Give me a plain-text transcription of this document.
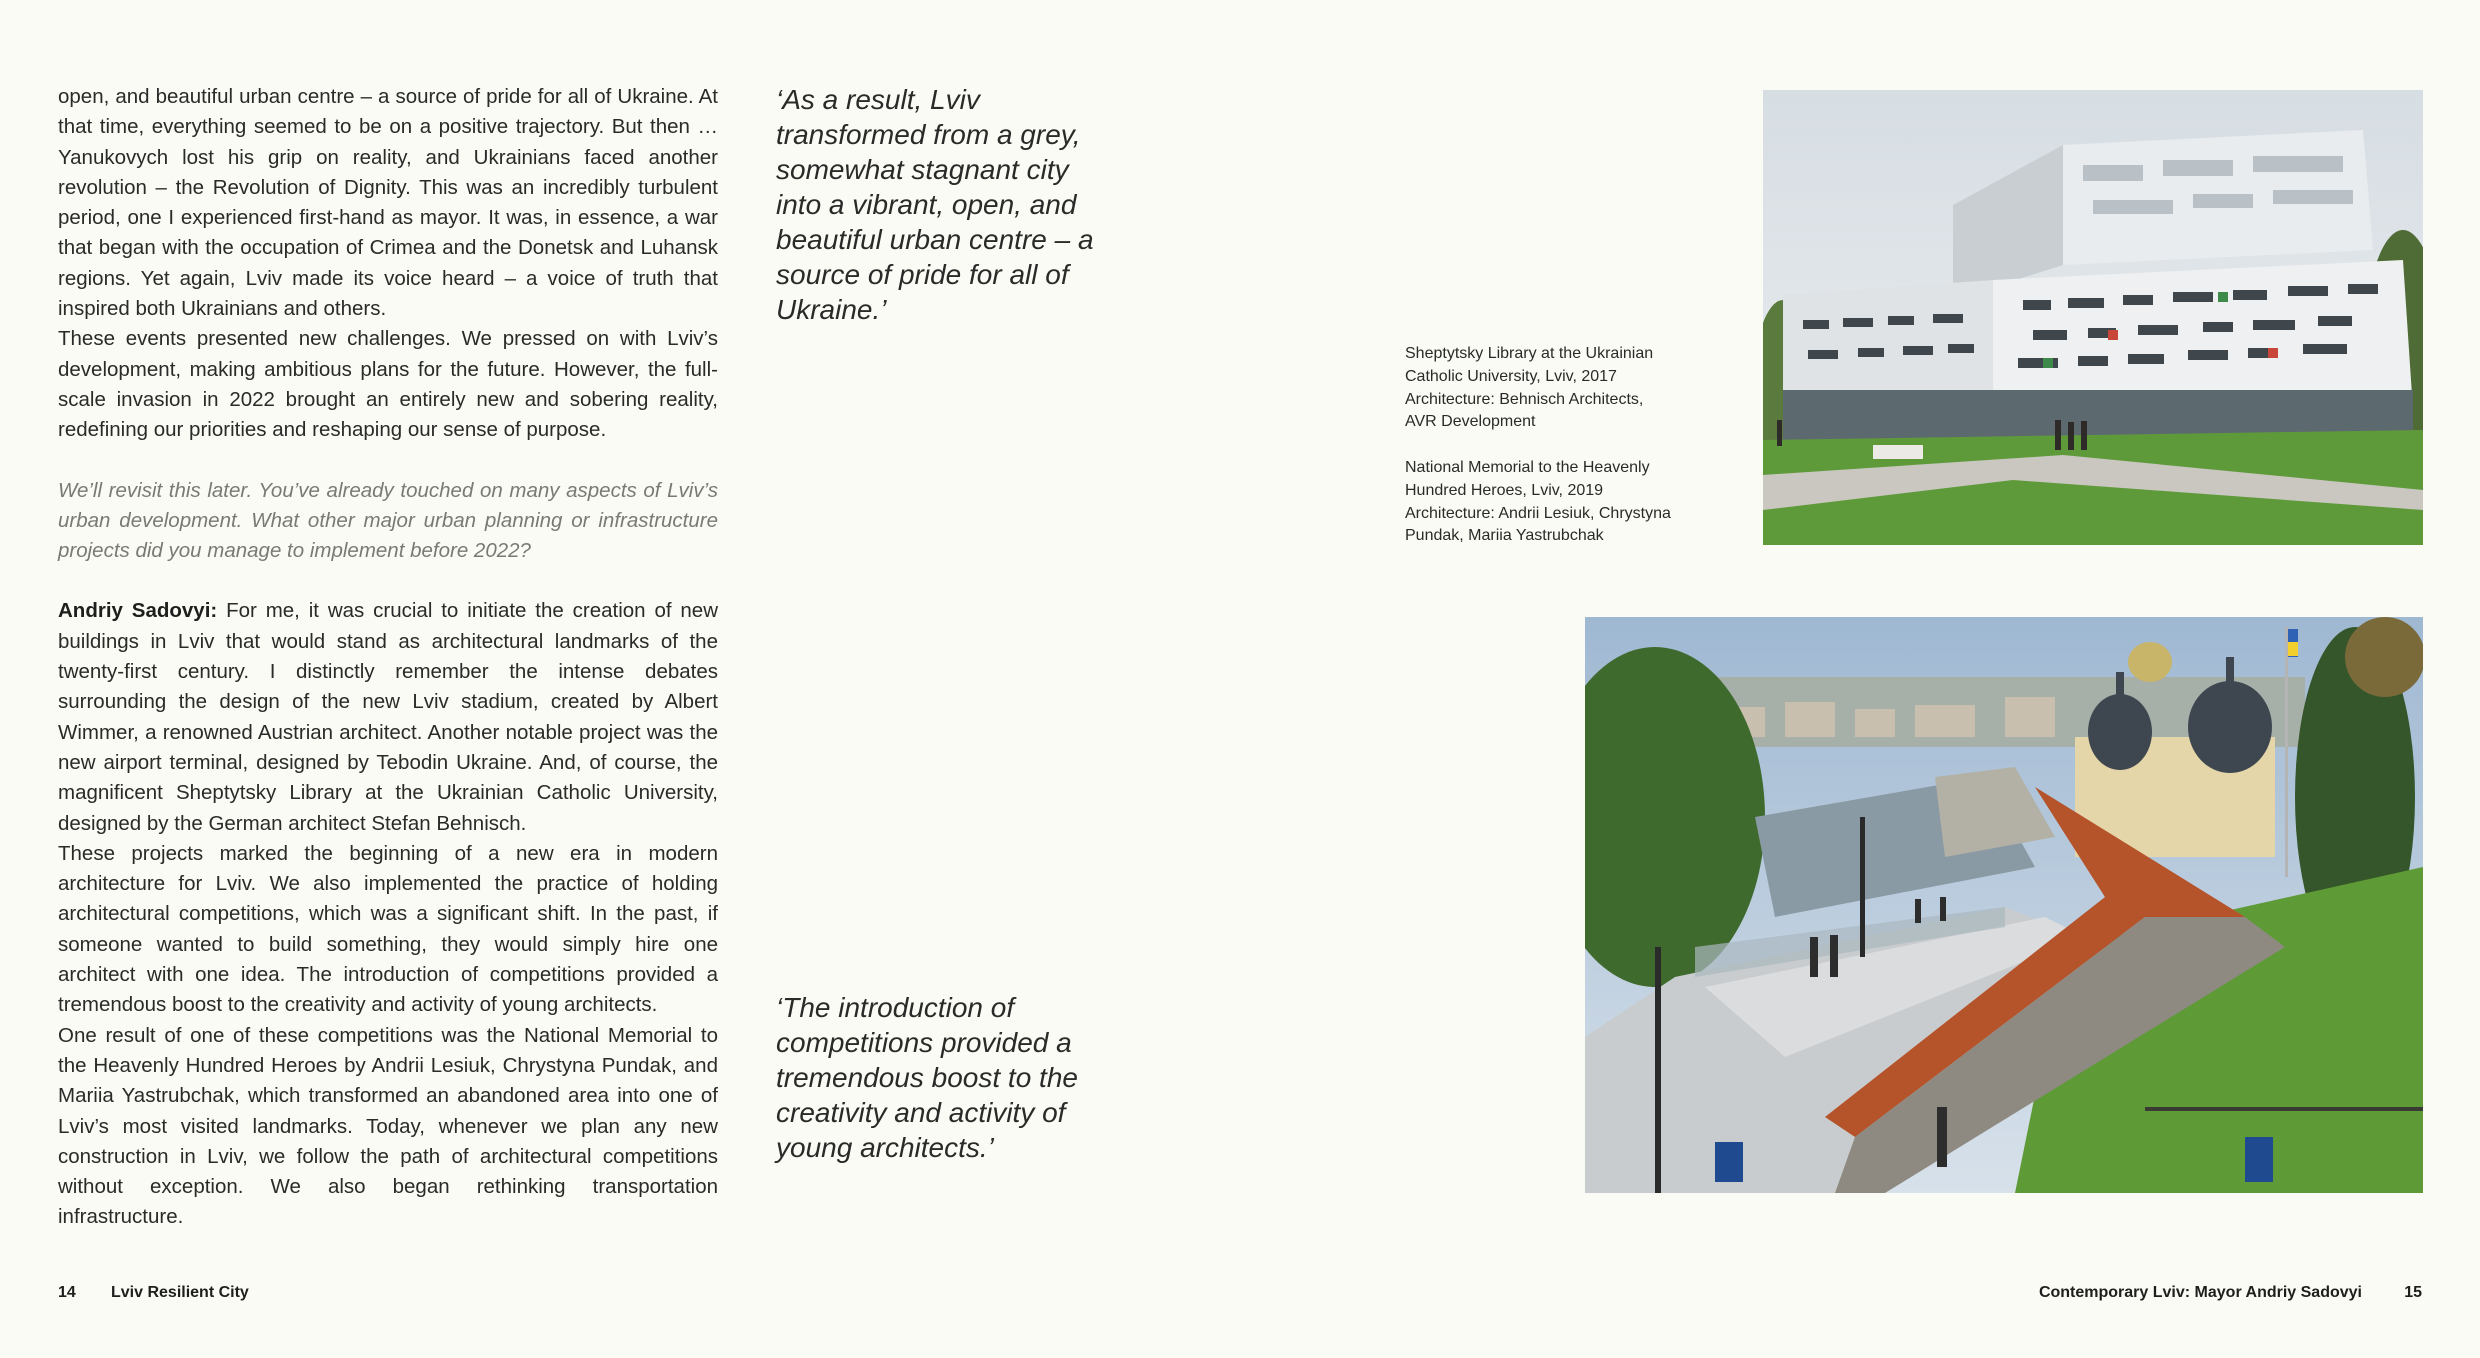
open, and beautiful urban centre – a source of pride for all of Ukraine. At that time, everything seemed to be on a positive trajectory. But then … Yanukovych lost his grip on reality, and Ukrainians faced another revolution – the Revolution of Dignity. This was an incredibly turbulent period, one I experienced first-hand as mayor. It was, in essence, a war that began with the occupation of Crimea and the Donetsk and Luhansk regions. Yet again, Lviv made its voice heard – a voice of truth that inspired both Ukrainians and others.

These events presented new challenges. We pressed on with Lviv’s development, making ambitious plans for the future. However, the full-scale invasion in 2022 brought an entirely new and sobering reality, redefining our priorities and reshaping our sense of purpose.

We’ll revisit this later. You’ve already touched on many aspects of Lviv’s urban development. What other major urban planning or infrastructure projects did you manage to implement before 2022?

Andriy Sadovyi: For me, it was crucial to initiate the creation of new buildings in Lviv that would stand as architectural landmarks of the twenty-first century. I distinctly remember the intense debates surrounding the design of the new Lviv stadium, created by Albert Wimmer, a renowned Austrian architect. Another notable project was the new airport terminal, designed by Tebodin Ukraine. And, of course, the magnificent Sheptytsky Library at the Ukrainian Catholic University, designed by the German architect Stefan Behnisch.

These projects marked the beginning of a new era in modern architecture for Lviv. We also implemented the practice of holding architectural competitions, which was a significant shift. In the past, if someone wanted to build something, they would simply hire one architect with one idea. The introduction of competitions provided a tremendous boost to the creativity and activity of young architects.

One result of one of these competitions was the National Memorial to the Heavenly Hundred Heroes by Andrii Lesiuk, Chrystyna Pundak, and Mariia Yastrubchak, which transformed an abandoned area into one of Lviv’s most visited landmarks. Today, whenever we plan any new construction in Lviv, we follow the path of architectural competitions without exception. We also began rethinking transportation infrastructure.

‘As a result, Lviv transformed from a grey, somewhat stagnant city into a vibrant, open, and beautiful urban centre – a source of pride for all of Ukraine.’
‘The introduction of competitions provided a tremendous boost to the creativity and activity of young architects.’
Sheptytsky Library at the Ukrainian
Catholic University, Lviv, 2017
Architecture: Behnisch Architects,
AVR Development
National Memorial to the Heavenly
Hundred Heroes, Lviv, 2019
Architecture: Andrii Lesiuk, Chrystyna
Pundak, Mariia Yastrubchak
14 Lviv Resilient City	Contemporary Lviv: Mayor Andriy Sadovyi	15
